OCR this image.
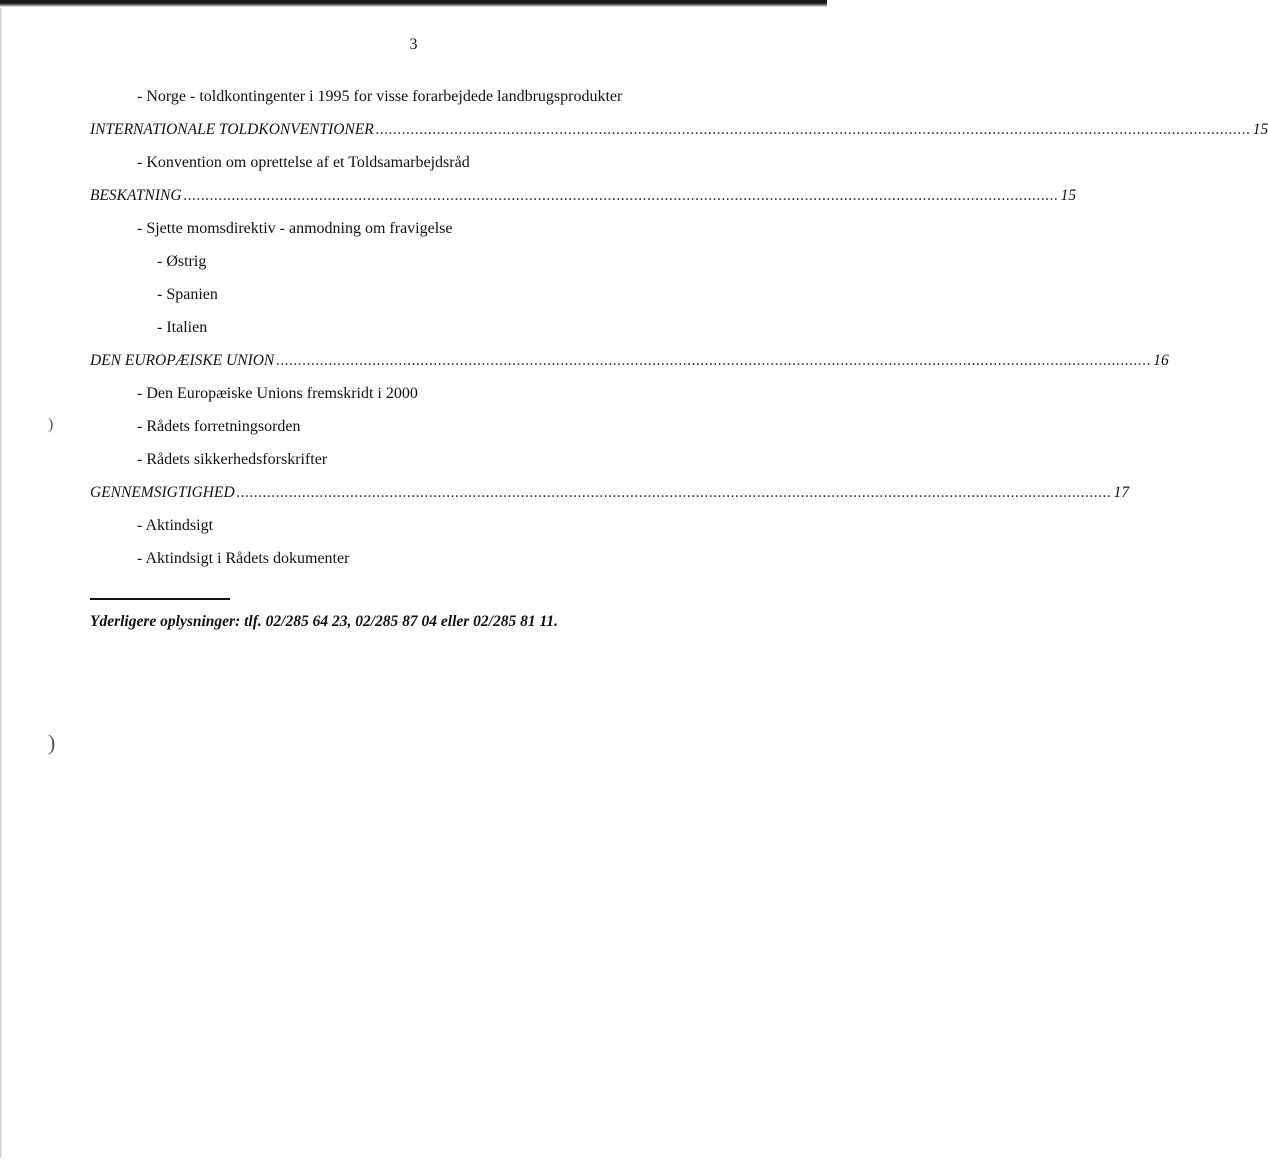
)
)
3
- Norge - toldkontingenter i 1995 for visse forarbejdede landbrugsprodukter
INTERNATIONALE TOLDKONVENTIONER ........................................................................................................................................................................................................ 15
- Konvention om oprettelse af et Toldsamarbejdsråd
BESKATNING ........................................................................................................................................................................................................ 15
- Sjette momsdirektiv - anmodning om fravigelse
- Østrig
- Spanien
- Italien
DEN EUROPÆISKE UNION ........................................................................................................................................................................................................ 16
- Den Europæiske Unions fremskridt i 2000
- Rådets forretningsorden
- Rådets sikkerhedsforskrifter
GENNEMSIGTIGHED ........................................................................................................................................................................................................ 17
- Aktindsigt
- Aktindsigt i Rådets dokumenter
Yderligere oplysninger: tlf. 02/285 64 23, 02/285 87 04 eller 02/285 81 11.
